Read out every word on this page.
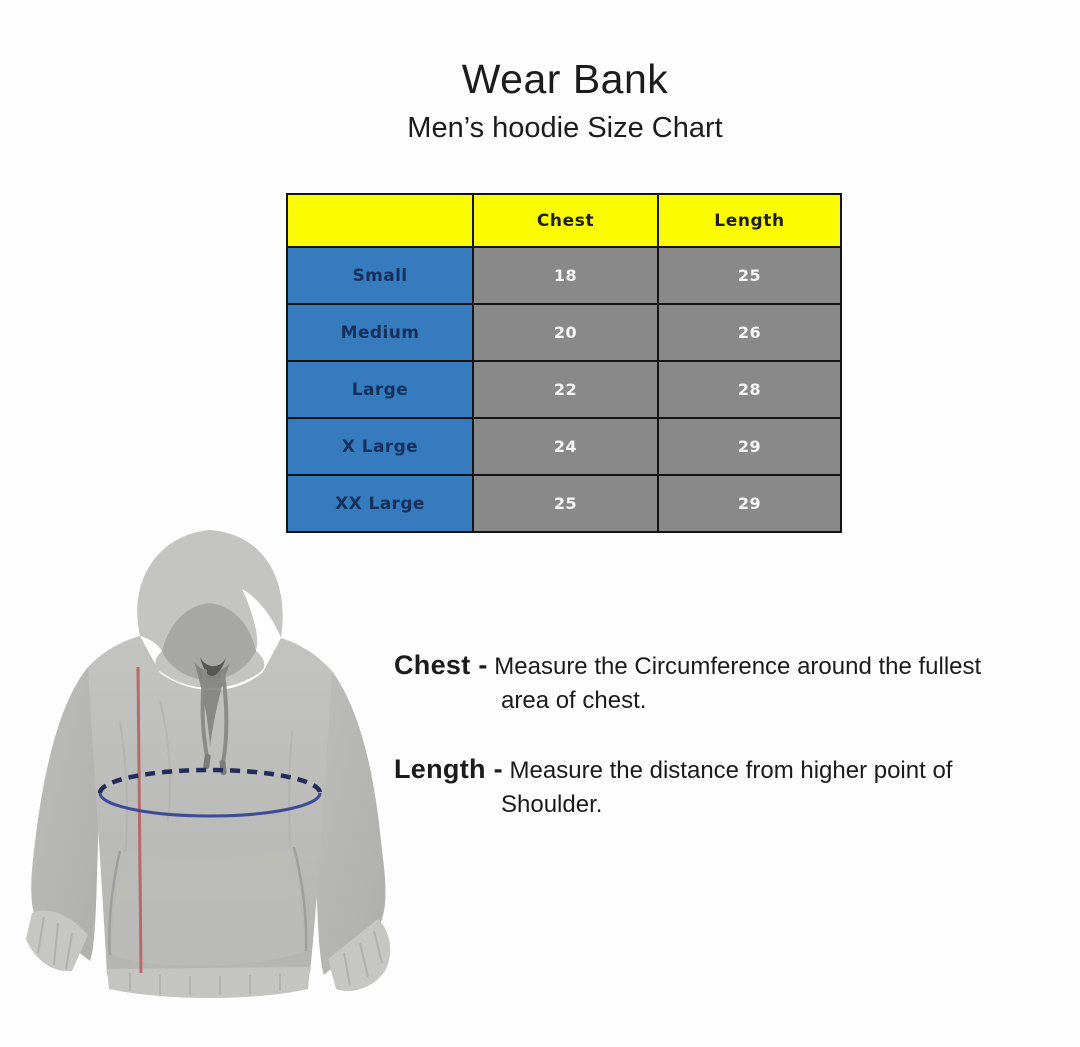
Wear Bank
Men’s hoodie Size Chart
	Chest	Length
Small	18	25
Medium	20	26
Large	22	28
X Large	24	29
XX Large	25	29
Chest - Measure the Circumference around the fullest
area of chest.
Length - Measure the distance from higher point of
Shoulder.
